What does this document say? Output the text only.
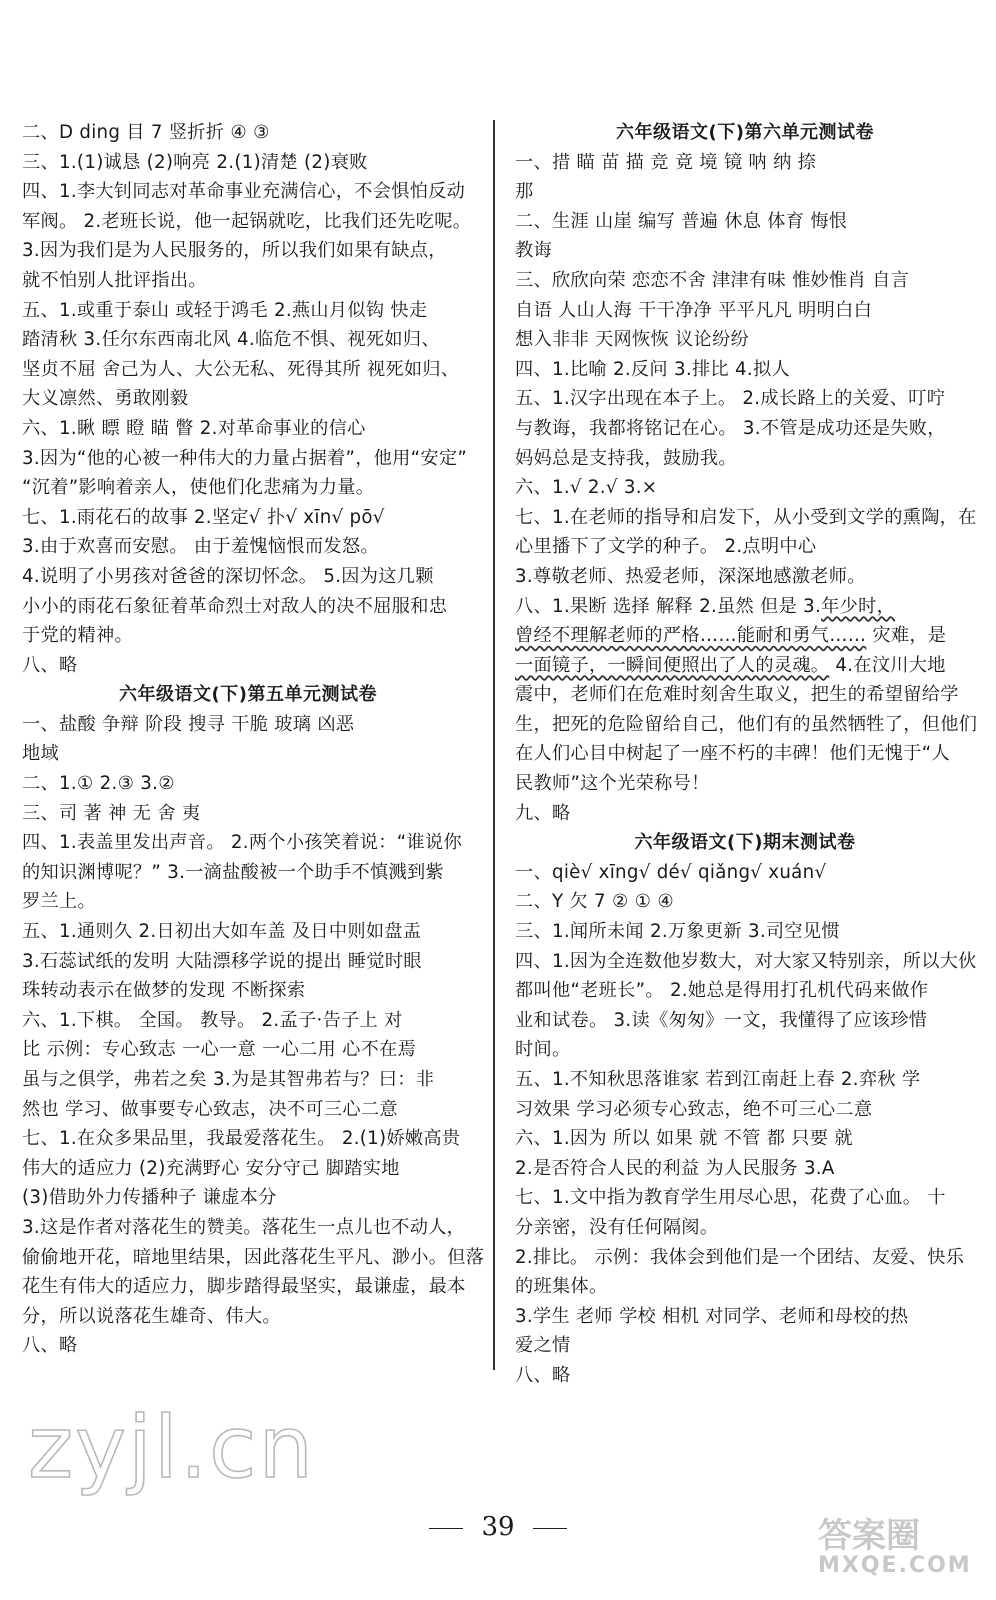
二、D ding 目 7 竖折折 ④ ③
三、1.(1)诚恳 (2)响亮 2.(1)清楚 (2)衰败
四、1.李大钊同志对革命事业充满信心，不会惧怕反动
军阀。 2.老班长说，他一起锅就吃，比我们还先吃呢。
3.因为我们是为人民服务的，所以我们如果有缺点，
就不怕别人批评指出。
五、1.或重于泰山 或轻于鸿毛 2.燕山月似钩 快走
踏清秋 3.任尔东西南北风 4.临危不惧、视死如归、
坚贞不屈 舍己为人、大公无私、死得其所 视死如归、
大义凛然、勇敢刚毅
六、1.瞅 瞟 瞪 瞄 瞥 2.对革命事业的信心
3.因为“他的心被一种伟大的力量占据着”，他用“安定”
“沉着”影响着亲人，使他们化悲痛为力量。
七、1.雨花石的故事 2.坚定√ 扑√ xīn√ pō√
3.由于欢喜而安慰。 由于羞愧恼恨而发怒。
4.说明了小男孩对爸爸的深切怀念。 5.因为这几颗
小小的雨花石象征着革命烈士对敌人的决不屈服和忠
于党的精神。
八、略
六年级语文(下)第五单元测试卷
一、盐酸 争辩 阶段 搜寻 干脆 玻璃 凶恶
地域
二、1.① 2.③ 3.②
三、司 著 神 无 舍 夷
四、1.表盖里发出声音。 2.两个小孩笑着说：“谁说你
的知识渊博呢？” 3.一滴盐酸被一个助手不慎溅到紫
罗兰上。
五、1.通则久 2.日初出大如车盖 及日中则如盘盂
3.石蕊试纸的发明 大陆漂移学说的提出 睡觉时眼
珠转动表示在做梦的发现 不断探索
六、1.下棋。 全国。 教导。 2.孟子·告子上 对
比 示例：专心致志 一心一意 一心二用 心不在焉
虽与之俱学，弗若之矣 3.为是其智弗若与？曰：非
然也 学习、做事要专心致志，决不可三心二意
七、1.在众多果品里，我最爱落花生。 2.(1)娇嫩高贵
伟大的适应力 (2)充满野心 安分守己 脚踏实地
(3)借助外力传播种子 谦虚本分
3.这是作者对落花生的赞美。落花生一点儿也不动人，
偷偷地开花，暗地里结果，因此落花生平凡、渺小。但落
花生有伟大的适应力，脚步踏得最坚实，最谦虚，最本
分，所以说落花生雄奇、伟大。
八、略
六年级语文(下)第六单元测试卷
一、措 瞄 苗 描 竞 竟 境 镜 呐 纳 捺
那
二、生涯 山崖 编写 普遍 休息 体育 悔恨
教诲
三、欣欣向荣 恋恋不舍 津津有味 惟妙惟肖 自言
自语 人山人海 干干净净 平平凡凡 明明白白
想入非非 天网恢恢 议论纷纷
四、1.比喻 2.反问 3.排比 4.拟人
五、1.汉字出现在本子上。 2.成长路上的关爱、叮咛
与教诲，我都将铭记在心。 3.不管是成功还是失败，
妈妈总是支持我，鼓励我。
六、1.√ 2.√ 3.×
七、1.在老师的指导和启发下，从小受到文学的熏陶，在
心里播下了文学的种子。 2.点明中心
3.尊敬老师、热爱老师，深深地感激老师。
八、1.果断 选择 解释 2.虽然 但是 3.年少时，
曾经不理解老师的严格……能耐和勇气…… 灾难，是
一面镜子，一瞬间便照出了人的灵魂。 4.在汶川大地
震中，老师们在危难时刻舍生取义，把生的希望留给学
生，把死的危险留给自己，他们有的虽然牺牲了，但他们
在人们心目中树起了一座不朽的丰碑！他们无愧于“人
民教师”这个光荣称号！
九、略
六年级语文(下)期末测试卷
一、qiè√ xīng√ dé√ qiǎng√ xuán√
二、Y 欠 7 ② ① ④
三、1.闻所未闻 2.万象更新 3.司空见惯
四、1.因为全连数他岁数大，对大家又特别亲，所以大伙
都叫他“老班长”。 2.她总是得用打孔机代码来做作
业和试卷。 3.读《匆匆》一文，我懂得了应该珍惜
时间。
五、1.不知秋思落谁家 若到江南赶上春 2.弈秋 学
习效果 学习必须专心致志，绝不可三心二意
六、1.因为 所以 如果 就 不管 都 只要 就
2.是否符合人民的利益 为人民服务 3.A
七、1.文中指为教育学生用尽心思，花费了心血。 十
分亲密，没有任何隔阂。
2.排比。 示例：我体会到他们是一个团结、友爱、快乐
的班集体。
3.学生 老师 学校 相机 对同学、老师和母校的热
爱之情
八、略
zyjl.cn
答案圈
MXQE.COM
39
